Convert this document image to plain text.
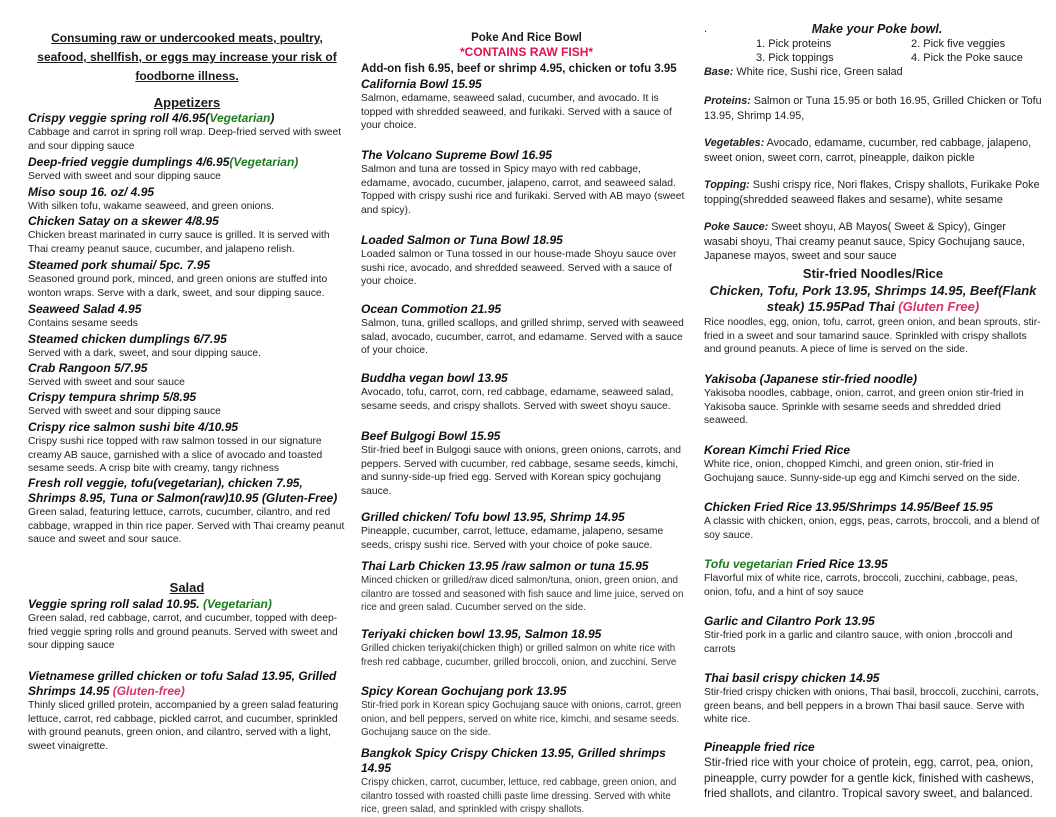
Consuming raw or undercooked meats, poultry, seafood, shellfish, or eggs may increase your risk of foodborne illness.
Appetizers
Crispy veggie spring roll 4/6.95(Vegetarian)
Cabbage and carrot in spring roll wrap. Deep-fried served with sweet and sour dipping sauce
Deep-fried veggie dumplings 4/6.95(Vegetarian)
Served with sweet and sour dipping sauce
Miso soup 16. oz/ 4.95
With silken tofu, wakame seaweed, and green onions.
Chicken Satay on a skewer 4/8.95
Chicken breast marinated in curry sauce is grilled. It is served with Thai creamy peanut sauce, cucumber, and jalapeno relish.
Steamed pork shumai/ 5pc. 7.95
Seasoned ground pork, minced, and green onions are stuffed into wonton wraps. Serve with a dark, sweet, and sour dipping sauce.
Seaweed Salad 4.95
Contains sesame seeds
Steamed chicken dumplings 6/7.95
Served with a dark, sweet, and sour dipping sauce.
Crab Rangoon 5/7.95
Served with sweet and sour sauce
Crispy tempura shrimp 5/8.95
Served with sweet and sour dipping sauce
Crispy rice salmon sushi bite 4/10.95
Crispy sushi rice topped with raw salmon tossed in our signature creamy AB sauce, garnished with a slice of avocado and toasted sesame seeds. A crisp bite with creamy, tangy richness
Fresh roll veggie, tofu(vegetarian), chicken 7.95, Shrimps 8.95, Tuna or Salmon(raw)10.95 (Gluten-Free)
Green salad, featuring lettuce, carrots, cucumber, cilantro, and red cabbage, wrapped in thin rice paper. Served with Thai creamy peanut sauce and sweet and sour sauce.
Salad
Veggie spring roll salad 10.95. (Vegetarian)
Green salad, red cabbage, carrot, and cucumber, topped with deep-fried veggie spring rolls and ground peanuts. Served with sweet and sour dipping sauce
Vietnamese grilled chicken or tofu Salad 13.95, Grilled Shrimps 14.95 (Gluten-free)
Thinly sliced grilled protein, accompanied by a green salad featuring lettuce, carrot, red cabbage, pickled carrot, and cucumber, sprinkled with ground peanuts, green onion, and cilantro, served with a light, sweet vinaigrette.
Poke And Rice Bowl
*CONTAINS RAW FISH*
Add-on fish 6.95, beef or shrimp 4.95, chicken or tofu 3.95
California Bowl 15.95
Salmon, edamame, seaweed salad, cucumber, and avocado. It is topped with shredded seaweed, and furikaki. Served with a sauce of your choice.
The Volcano Supreme Bowl 16.95
Salmon and tuna are tossed in Spicy mayo with red cabbage, edamame, avocado, cucumber, jalapeno, carrot, and seaweed salad. Topped with crispy sushi rice and furikaki. Served with AB mayo (sweet and spicy).
Loaded Salmon or Tuna Bowl 18.95
Loaded salmon or Tuna tossed in our house-made Shoyu sauce over sushi rice, avocado, and shredded seaweed. Served with a sauce of your choice.
Ocean Commotion 21.95
Salmon, tuna, grilled scallops, and grilled shrimp, served with seaweed salad, avocado, cucumber, carrot, and edamame. Served with a sauce of your choice.
Buddha vegan bowl 13.95
Avocado, tofu, carrot, corn, red cabbage, edamame, seaweed salad, sesame seeds, and crispy shallots. Served with sweet shoyu sauce.
Beef Bulgogi Bowl 15.95
Stir-fried beef in Bulgogi sauce with onions, green onions, carrots, and peppers. Served with cucumber, red cabbage, sesame seeds, kimchi, and sunny-side-up fried egg. Served with Korean spicy gochujang sauce.
Grilled chicken/ Tofu bowl 13.95, Shrimp 14.95
Pineapple, cucumber, carrot, lettuce, edamame, jalapeno, sesame seeds, crispy sushi rice. Served with your choice of poke sauce.
Thai Larb Chicken 13.95 /raw salmon or tuna 15.95
Minced chicken or grilled/raw diced salmon/tuna, onion, green onion, and cilantro are tossed and seasoned with fish sauce and lime juice, served on rice and green salad. Cucumber served on the side.
Teriyaki chicken bowl 13.95, Salmon 18.95
Grilled chicken teriyaki(chicken thigh) or grilled salmon on white rice with fresh red cabbage, cucumber, grilled broccoli, onion, and zucchini. Serve
Spicy Korean Gochujang pork 13.95
Stir-fried pork in Korean spicy Gochujang sauce with onions, carrot, green onion, and bell peppers, served on white rice, kimchi, and sesame seeds. Gochujang sauce on the side.
Bangkok Spicy Crispy Chicken 13.95, Grilled shrimps 14.95
Crispy chicken, carrot, cucumber, lettuce, red cabbage, green onion, and cilantro tossed with roasted chilli paste lime dressing. Served with white rice, green salad, and sprinkled with crispy shallots.
.	Make your Poke bowl.
1. Pick proteins	2. Pick five veggies
3. Pick toppings	4. Pick the Poke sauce
Base: White rice, Sushi rice, Green salad
Proteins: Salmon or Tuna 15.95 or both 16.95, Grilled Chicken or Tofu 13.95, Shrimp 14.95,
Vegetables: Avocado, edamame, cucumber, red cabbage, jalapeno, sweet onion, sweet corn, carrot, pineapple, daikon pickle
Topping: Sushi crispy rice, Nori flakes, Crispy shallots, Furikake Poke topping(shredded seaweed flakes and sesame), white sesame
Poke Sauce: Sweet shoyu, AB Mayos( Sweet & Spicy), Ginger wasabi shoyu, Thai creamy peanut sauce, Spicy Gochujang sauce, Japanese mayos, sweet and sour sauce
Stir-fried Noodles/Rice
Chicken, Tofu, Pork 13.95, Shrimps 14.95, Beef(Flank steak) 15.95Pad Thai (Gluten Free)
Rice noodles, egg, onion, tofu, carrot, green onion, and bean sprouts, stir-fried in a sweet and sour tamarind sauce. Sprinkled with crispy shallots and ground peanuts. A piece of lime is served on the side.
Yakisoba (Japanese stir-fried noodle)
Yakisoba noodles, cabbage, onion, carrot, and green onion stir-fried in Yakisoba sauce. Sprinkle with sesame seeds and shredded dried seaweed.
Korean Kimchi Fried Rice
White rice, onion, chopped Kimchi, and green onion, stir-fried in Gochujang sauce. Sunny-side-up egg and Kimchi served on the side.
Chicken Fried Rice 13.95/Shrimps 14.95/Beef 15.95
A classic with chicken, onion, eggs, peas, carrots, broccoli, and a blend of soy sauce.
Tofu vegetarian Fried Rice 13.95
Flavorful mix of white rice, carrots, broccoli, zucchini, cabbage, peas, onion, tofu, and a hint of soy sauce
Garlic and Cilantro Pork 13.95
Stir-fried pork in a garlic and cilantro sauce, with onion ,broccoli and carrots
Thai basil crispy chicken 14.95
Stir-fried crispy chicken with onions, Thai basil, broccoli, zucchini, carrots, green beans, and bell peppers in a brown Thai basil sauce. Serve with white rice.
Pineapple fried rice
Stir-fried rice with your choice of protein, egg, carrot, pea, onion, pineapple, curry powder for a gentle kick, finished with cashews, fried shallots, and cilantro. Tropical savory sweet, and balanced.
